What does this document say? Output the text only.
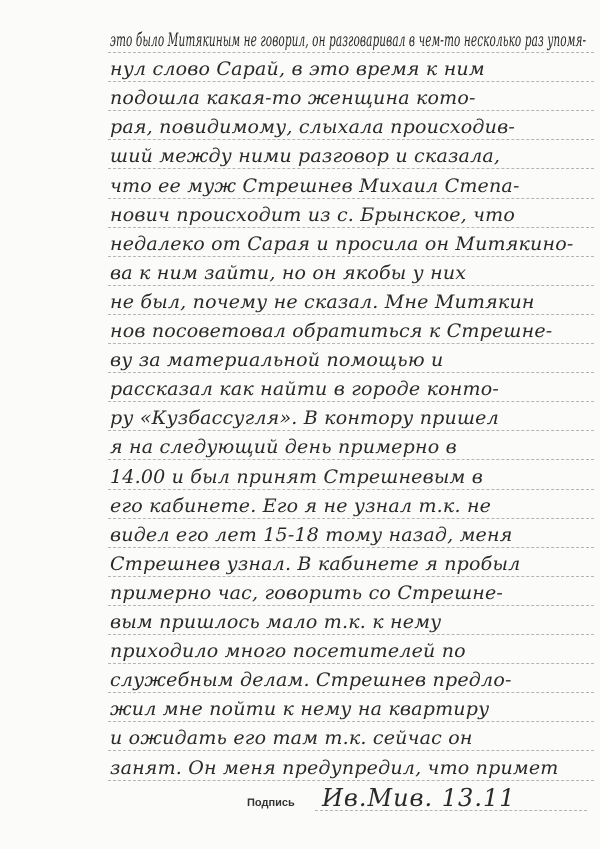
это было Митякиным не говорил, он разговаривал в чем-то несколько раз упомя-
нул слово Сарай, в это время к ним
подошла какая-то женщина кото-
рая, повидимому, слыхала происходив-
ший между ними разговор и сказала,
что ее муж Стрешнев Михаил Степа-
нович происходит из с. Брынское, что
недалеко от Сарая и просила он Митякино-
ва к ним зайти, но он якобы у них
не был, почему не сказал. Мне Митякин
нов посоветовал обратиться к Стрешне-
ву за материальной помощью и
рассказал как найти в городе конто-
ру «Кузбассугля». В контору пришел
я на следующий день примерно в
14.00 и был принят Стрешневым в
его кабинете. Его я не узнал т.к. не
видел его лет 15-18 тому назад, меня
Стрешнев узнал. В кабинете я пробыл
примерно час, говорить со Стрешне-
вым пришлось мало т.к. к нему
приходило много посетителей по
служебным делам. Стрешнев предло-
жил мне пойти к нему на квартиру
и ожидать его там т.к. сейчас он
занят. Он меня предупредил, что примет
Подпись Ив.Мив. 13.11
